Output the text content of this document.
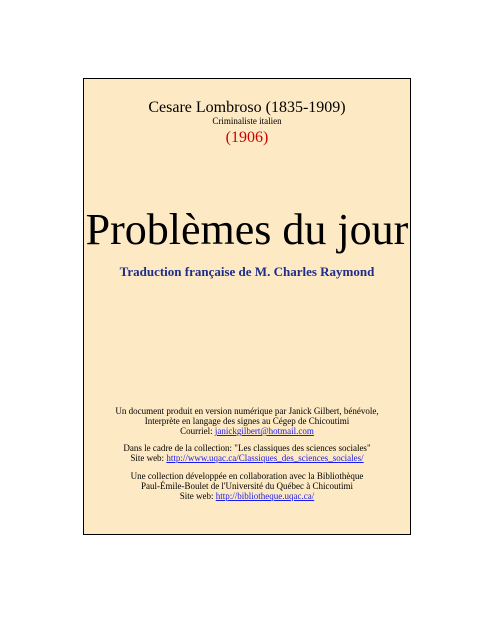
Cesare Lombroso (1835-1909)
Criminaliste italien
(1906)
Problèmes du jour
Traduction française de M. Charles Raymond
Un document produit en version numérique par Janick Gilbert, bénévole,
Interprète en langage des signes au Cégep de Chicoutimi
Courriel: janickgilbert@hotmail.com
Dans le cadre de la collection: "Les classiques des sciences sociales"
Site web: http://www.uqac.ca/Classiques_des_sciences_sociales/
Une collection développée en collaboration avec la Bibliothèque
Paul-Émile-Boulet de l'Université du Québec à Chicoutimi
Site web: http://bibliotheque.uqac.ca/
